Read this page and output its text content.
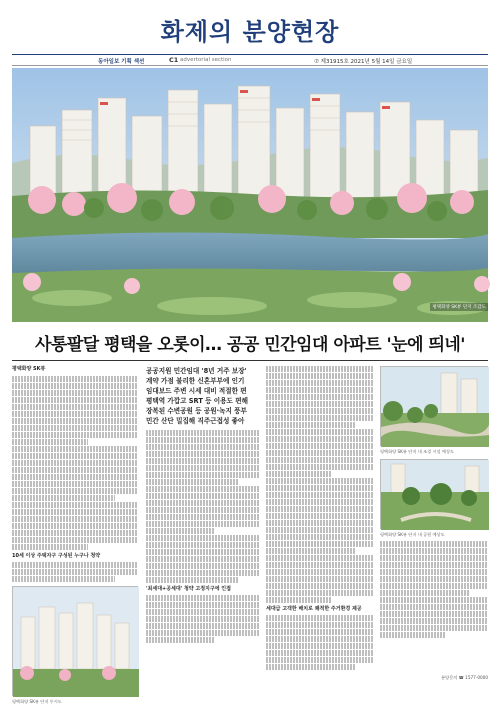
화제의 분양현장
동아일보 기획 섹션	C1 advertorial section	⑦ 제31915호 2021년 5월 14일 금요일
평택화양 SK뷰 단지 조감도
사통팔달 평택을 오롯이… 공공 민간임대 아파트 '눈에 띄네'
평택화양 SK뷰
10세 이상 주택자구 구성된 누구나 청약
평택화양 SK뷰 단지 투시도
공공지원 민간임대 '8년 거주 보장'
계약 가점 불리한 신혼부부에 인기
임대보드 주변 시세 대비 적절한 편
평택역 가깝고 SRT 등 이용도 편해
장복된 수변공원 등 공원·녹지 풍부
민간 산단 밀집해 직주근접성 좋아
'최세대+공세대' 청약 고정지구에 인접
세대급 고객한 배치로 쾌적한 주거환경 제공
평택화양 SK뷰 단지 내 조경 시설 예상도
평택화양 SK뷰 단지 내 공원 예상도
분양문의 ☎ 1577-0000
